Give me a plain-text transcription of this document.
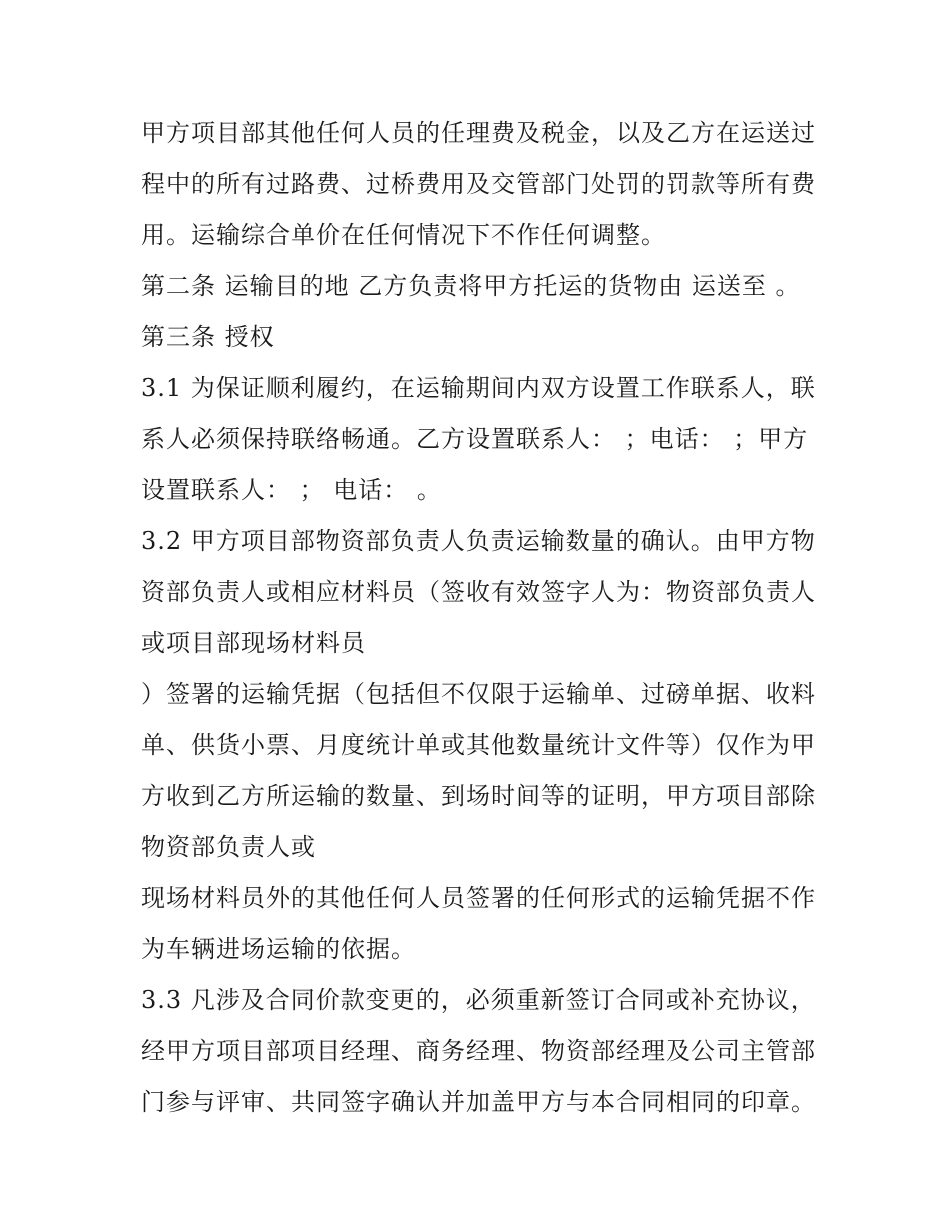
甲方项目部其他任何人员的任理费及税金，以及乙方在运送过
程中的所有过路费、过桥费用及交管部门处罚的罚款等所有费
用。运输综合单价在任何情况下不作任何调整。
第二条 运输目的地 乙方负责将甲方托运的货物由 运送至 。
第三条 授权
3.1 为保证顺利履约，在运输期间内双方设置工作联系人，联
系人必须保持联络畅通。乙方设置联系人： ；电话： ；甲方
设置联系人： ； 电话： 。
3.2 甲方项目部物资部负责人负责运输数量的确认。由甲方物
资部负责人或相应材料员（签收有效签字人为：物资部负责人
或项目部现场材料员
）签署的运输凭据（包括但不仅限于运输单、过磅单据、收料
单、供货小票、月度统计单或其他数量统计文件等）仅作为甲
方收到乙方所运输的数量、到场时间等的证明，甲方项目部除
物资部负责人或
现场材料员外的其他任何人员签署的任何形式的运输凭据不作
为车辆进场运输的依据。
3.3 凡涉及合同价款变更的，必须重新签订合同或补充协议，
经甲方项目部项目经理、商务经理、物资部经理及公司主管部
门参与评审、共同签字确认并加盖甲方与本合同相同的印章。
